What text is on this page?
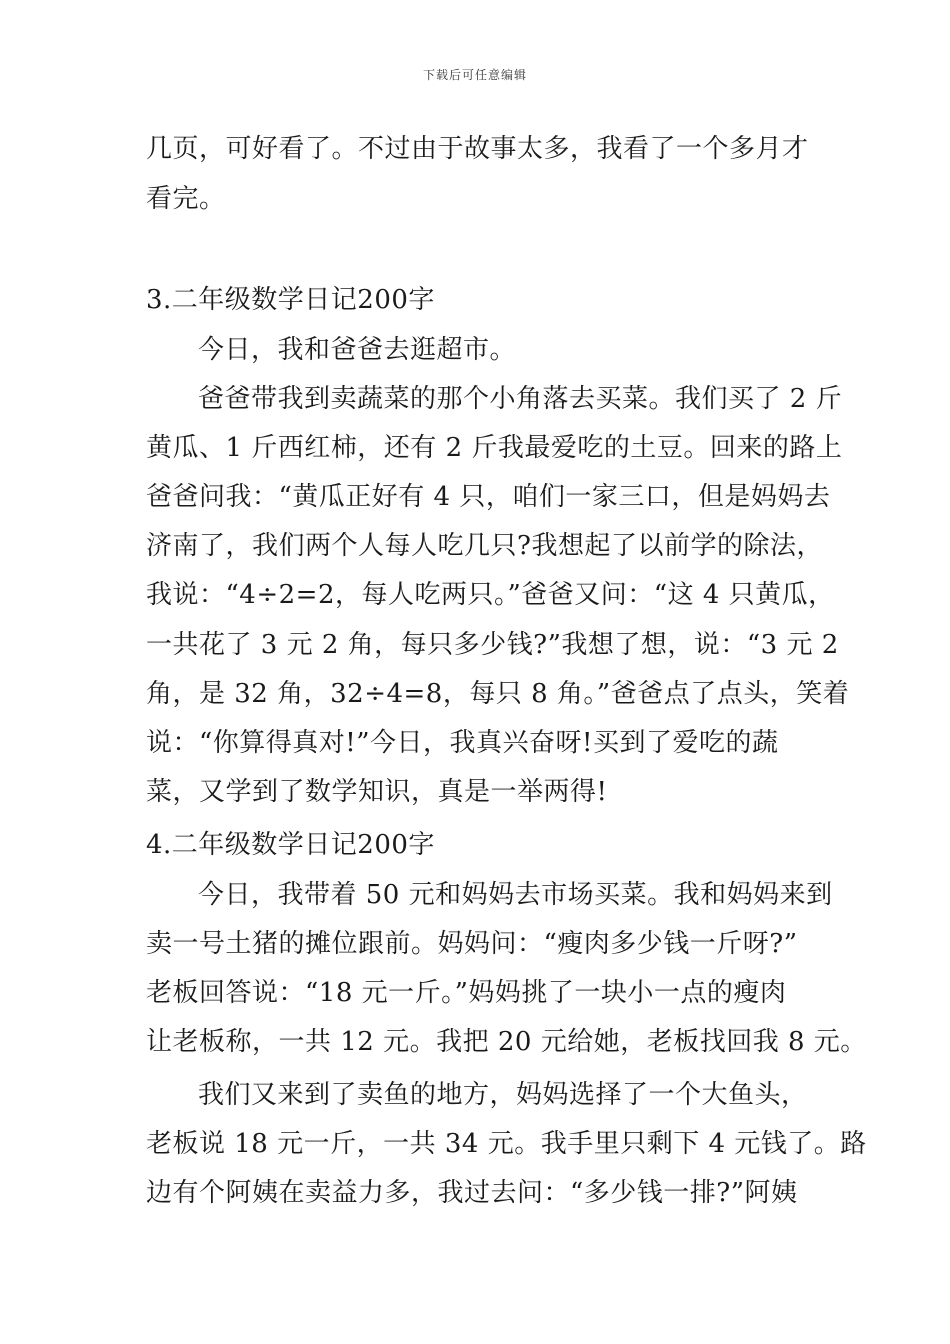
下载后可任意编辑
几页，可好看了。不过由于故事太多，我看了一个多月才
看完。
3.二年级数学日记200字
今日，我和爸爸去逛超市。
爸爸带我到卖蔬菜的那个小角落去买菜。我们买了 2 斤
黄瓜、1 斤西红柿，还有 2 斤我最爱吃的土豆。回来的路上
爸爸问我：“黄瓜正好有 4 只，咱们一家三口，但是妈妈去
济南了，我们两个人每人吃几只?我想起了以前学的除法，
我说：“4÷2=2，每人吃两只。”爸爸又问：“这 4 只黄瓜，
一共花了 3 元 2 角，每只多少钱?”我想了想，说：“3 元 2
角，是 32 角，32÷4=8，每只 8 角。”爸爸点了点头，笑着
说：“你算得真对!”今日，我真兴奋呀!买到了爱吃的蔬
菜，又学到了数学知识，真是一举两得!
4.二年级数学日记200字
今日，我带着 50 元和妈妈去市场买菜。我和妈妈来到
卖一号土猪的摊位跟前。妈妈问：“瘦肉多少钱一斤呀?”
老板回答说：“18 元一斤。”妈妈挑了一块小一点的瘦肉
让老板称，一共 12 元。我把 20 元给她，老板找回我 8 元。
我们又来到了卖鱼的地方，妈妈选择了一个大鱼头，
老板说 18 元一斤，一共 34 元。我手里只剩下 4 元钱了。路
边有个阿姨在卖益力多，我过去问：“多少钱一排?”阿姨
